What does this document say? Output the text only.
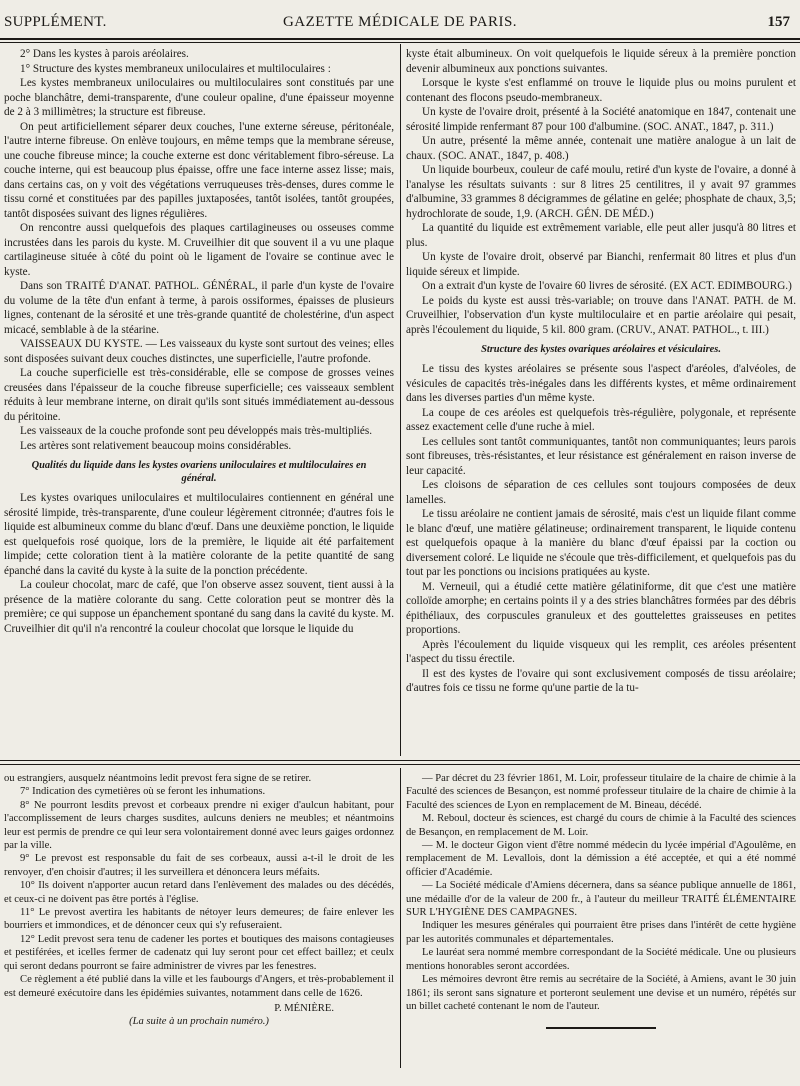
SUPPLÉMENT.	GAZETTE MÉDICALE DE PARIS.	157

2° Dans les kystes à parois aréolaires.

1° Structure des kystes membraneux uniloculaires et multiloculaires :

Les kystes membraneux uniloculaires ou multiloculaires sont constitués par une poche blanchâtre, demi-transparente, d'une couleur opaline, d'une épaisseur moyenne de 2 à 3 millimètres; la structure est fibreuse.

On peut artificiellement séparer deux couches, l'une externe séreuse, péritonéale, l'autre interne fibreuse. On enlève toujours, en même temps que la membrane séreuse, une couche fibreuse mince; la couche externe est donc véritablement fibro-séreuse. La couche interne, qui est beaucoup plus épaisse, offre une face interne assez lisse; mais, dans certains cas, on y voit des végétations verruqueuses très-denses, dures comme le tissu corné et constituées par des papilles juxtaposées, tantôt isolées, tantôt groupées, tantôt disposées suivant des lignes régulières.

On rencontre aussi quelquefois des plaques cartilagineuses ou osseuses comme incrustées dans les parois du kyste. M. Cruveilhier dit que souvent il a vu une plaque cartilagineuse située à côté du point où le ligament de l'ovaire se continue avec le kyste.

Dans son TRAITÉ D'ANAT. PATHOL. GÉNÉRAL, il parle d'un kyste de l'ovaire du volume de la tête d'un enfant à terme, à parois ossiformes, épaisses de plusieurs lignes, contenant de la sérosité et une très-grande quantité de cholestérine, d'un aspect micacé, semblable à de la stéarine.

VAISSEAUX DU KYSTE. — Les vaisseaux du kyste sont surtout des veines; elles sont disposées suivant deux couches distinctes, une superficielle, l'autre profonde.

La couche superficielle est très-considérable, elle se compose de grosses veines creusées dans l'épaisseur de la couche fibreuse superficielle; ces vaisseaux semblent réduits à leur membrane interne, on dirait qu'ils sont situés immédiatement au-dessous du péritoine.

Les vaisseaux de la couche profonde sont peu développés mais très-multipliés.

Les artères sont relativement beaucoup moins considérables.

Qualités du liquide dans les kystes ovariens uniloculaires et multiloculaires en général.

Les kystes ovariques uniloculaires et multiloculaires contiennent en général une sérosité limpide, très-transparente, d'une couleur légèrement citronnée; d'autres fois le liquide est albumineux comme du blanc d'œuf. Dans une deuxième ponction, le liquide est quelquefois rosé quoique, lors de la première, le liquide ait été parfaitement limpide; cette coloration tient à la matière colorante de la petite quantité de sang épanché dans la cavité du kyste à la suite de la ponction précédente.

La couleur chocolat, marc de café, que l'on observe assez souvent, tient aussi à la présence de la matière colorante du sang. Cette coloration peut se montrer dès la première; ce qui suppose un épanchement spontané du sang dans la cavité du kyste. M. Cruveilhier dit qu'il n'a rencontré la couleur chocolat que lorsque le liquide du

kyste était albumineux. On voit quelquefois le liquide séreux à la première ponction devenir albumineux aux ponctions suivantes.

Lorsque le kyste s'est enflammé on trouve le liquide plus ou moins purulent et contenant des flocons pseudo-membraneux.

Un kyste de l'ovaire droit, présenté à la Société anatomique en 1847, contenait une sérosité limpide renfermant 87 pour 100 d'albumine. (SOC. ANAT., 1847, p. 311.)

Un autre, présenté la même année, contenait une matière analogue à un lait de chaux. (SOC. ANAT., 1847, p. 408.)

Un liquide bourbeux, couleur de café moulu, retiré d'un kyste de l'ovaire, a donné à l'analyse les résultats suivants : sur 8 litres 25 centilitres, il y avait 97 grammes d'albumine, 33 grammes 8 décigrammes de gélatine en gelée; phosphate de chaux, 3,5; hydrochlorate de soude, 1,9. (ARCH. GÉN. DE MÉD.)

La quantité du liquide est extrêmement variable, elle peut aller jusqu'à 80 litres et plus.

Un kyste de l'ovaire droit, observé par Bianchi, renfermait 80 litres et plus d'un liquide séreux et limpide.

On a extrait d'un kyste de l'ovaire 60 livres de sérosité. (EX ACT. EDIMBOURG.)

Le poids du kyste est aussi très-variable; on trouve dans l'ANAT. PATH. de M. Cruveilhier, l'observation d'un kyste multiloculaire et en partie aréolaire qui pesait, après l'écoulement du liquide, 5 kil. 800 gram. (CRUV., ANAT. PATHOL., t. III.)

Structure des kystes ovariques aréolaires et vésiculaires.

Le tissu des kystes aréolaires se présente sous l'aspect d'aréoles, d'alvéoles, de vésicules de capacités très-inégales dans les différents kystes, et même ordinairement dans les diverses parties d'un même kyste.

La coupe de ces aréoles est quelquefois très-régulière, polygonale, et représente assez exactement celle d'une ruche à miel.

Les cellules sont tantôt communiquantes, tantôt non communiquantes; leurs parois sont fibreuses, très-résistantes, et leur résistance est généralement en raison inverse de leur capacité.

Les cloisons de séparation de ces cellules sont toujours composées de deux lamelles.

Le tissu aréolaire ne contient jamais de sérosité, mais c'est un liquide filant comme le blanc d'œuf, une matière gélatineuse; ordinairement transparent, le liquide contenu est quelquefois opaque à la manière du blanc d'œuf épaissi par la coction ou diversement coloré. Le liquide ne s'écoule que très-difficilement, et quelquefois pas du tout par les ponctions ou incisions pratiquées au kyste.

M. Verneuil, qui a étudié cette matière gélatiniforme, dit que c'est une matière colloïde amorphe; en certains points il y a des stries blanchâtres formées par des débris épithéliaux, des corpuscules granuleux et des gouttelettes graisseuses en petites proportions.

Après l'écoulement du liquide visqueux qui les remplit, ces aréoles présentent l'aspect du tissu érectile.

Il est des kystes de l'ovaire qui sont exclusivement composés de tissu aréolaire; d'autres fois ce tissu ne forme qu'une partie de la tu-

ou estrangiers, ausquelz néantmoins ledit prevost fera signe de se retirer.

7° Indication des cymetières où se feront les inhumations.

8° Ne pourront lesdits prevost et corbeaux prendre ni exiger d'aulcun habitant, pour l'accomplissement de leurs charges susdites, aulcuns deniers ne meubles; et néantmoins leur est permis de prendre ce qui leur sera volontairement donné avec leurs gaiges ordonnez par la ville.

9° Le prevost est responsable du fait de ses corbeaux, aussi a-t-il le droit de les renvoyer, d'en choisir d'autres; il les surveillera et dénoncera leurs méfaits.

10° Ils doivent n'apporter aucun retard dans l'enlèvement des malades ou des décédés, et ceux-ci ne doivent pas être portés à l'église.

11° Le prevost avertira les habitants de nétoyer leurs demeures; de faire enlever les bourriers et immondices, et de dénoncer ceux qui s'y refuseraient.

12° Ledit prevost sera tenu de cadener les portes et boutiques des maisons contagieuses et pestiférées, et icelles fermer de cadenatz qui luy seront pour cet effect baillez; et ceulx qui seront dedans pourront se faire administrer de vivres par les fenestres.

Ce règlement a été publié dans la ville et les faubourgs d'Angers, et très-probablement il est demeuré exécutoire dans les épidémies suivantes, notamment dans celle de 1626.

P. MÉNIÈRE.
(La suite à un prochain numéro.)

— Par décret du 23 février 1861, M. Loir, professeur titulaire de la chaire de chimie à la Faculté des sciences de Besançon, est nommé professeur titulaire de la chaire de chimie à la Faculté des sciences de Lyon en remplacement de M. Bineau, décédé.

M. Reboul, docteur ès sciences, est chargé du cours de chimie à la Faculté des sciences de Besançon, en remplacement de M. Loir.

— M. le docteur Gigon vient d'être nommé médecin du lycée impérial d'Agoulême, en remplacement de M. Levallois, dont la démission a été acceptée, et qui a été nommé officier d'Académie.

— La Société médicale d'Amiens décernera, dans sa séance publique annuelle de 1861, une médaille d'or de la valeur de 200 fr., à l'auteur du meilleur TRAITÉ ÉLÉMENTAIRE SUR L'HYGIÈNE DES CAMPAGNES.

Indiquer les mesures générales qui pourraient être prises dans l'intérêt de cette hygiène par les autorités communales et départementales.

Le lauréat sera nommé membre correspondant de la Société médicale. Une ou plusieurs mentions honorables seront accordées.

Les mémoires devront être remis au secrétaire de la Société, à Amiens, avant le 30 juin 1861; ils seront sans signature et porteront seulement une devise et un numéro, répétés sur un billet cacheté contenant le nom de l'auteur.
